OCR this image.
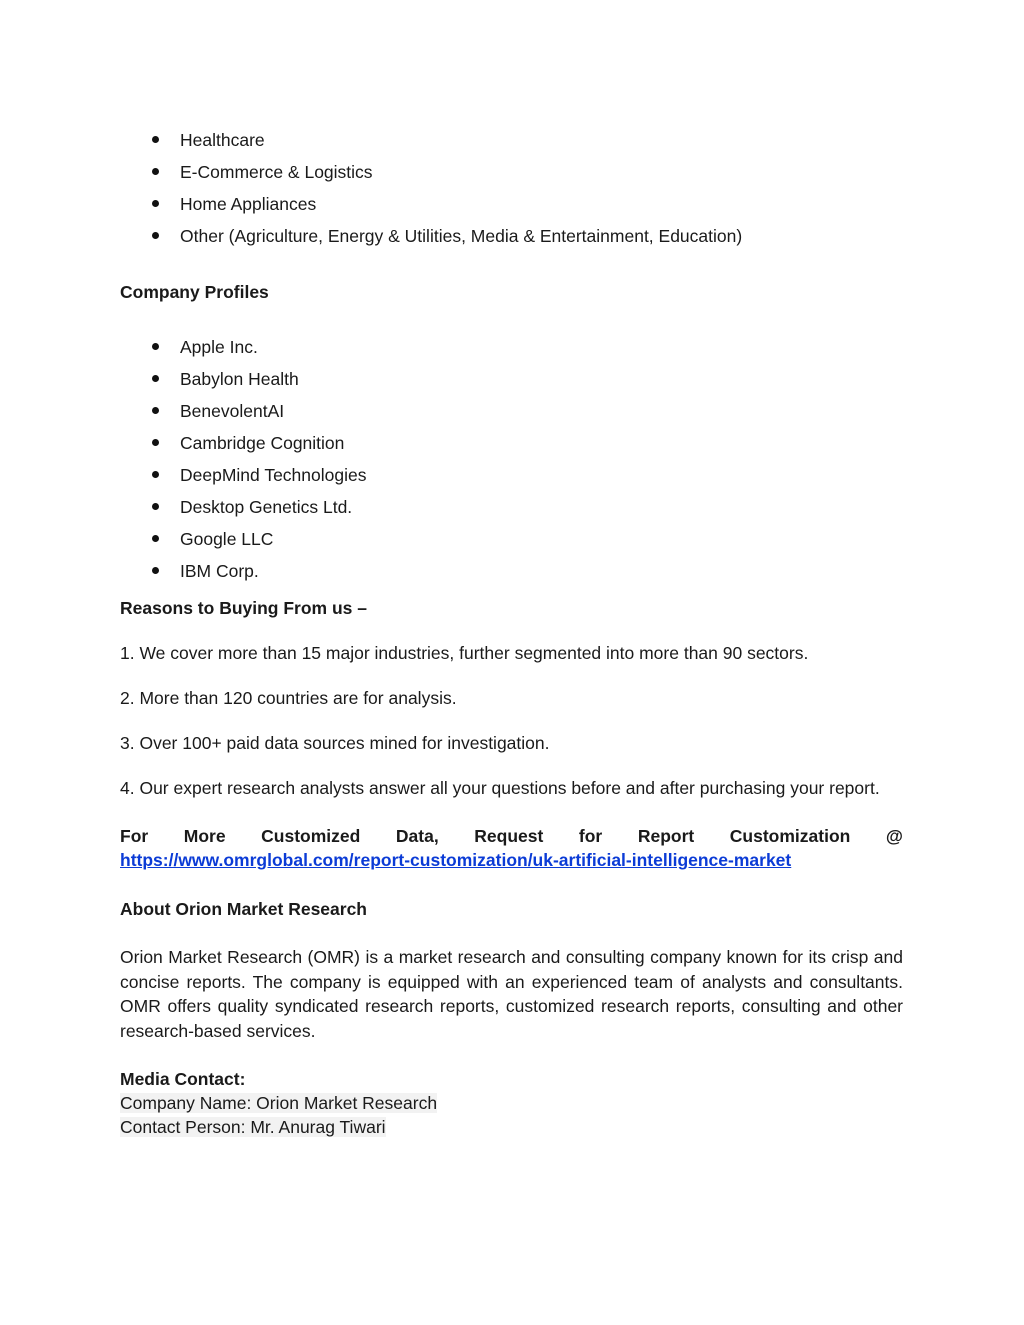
Healthcare
E-Commerce & Logistics
Home Appliances
Other (Agriculture, Energy & Utilities, Media & Entertainment, Education)

Company Profiles

Apple Inc.
Babylon Health
BenevolentAI
Cambridge Cognition
DeepMind Technologies
Desktop Genetics Ltd.
Google LLC
IBM Corp.

Reasons to Buying From us –

1. We cover more than 15 major industries, further segmented into more than 90 sectors.

2. More than 120 countries are for analysis.

3. Over 100+ paid data sources mined for investigation.

4. Our expert research analysts answer all your questions before and after purchasing your report.

For More Customized Data, Request for Report Customization @

https://www.omrglobal.com/report-customization/uk-artificial-intelligence-market

About Orion Market Research

Orion Market Research (OMR) is a market research and consulting company known for its crisp and concise reports. The company is equipped with an experienced team of analysts and consultants. OMR offers quality syndicated research reports, customized research reports, consulting and other research-based services.

Media Contact:

Company Name: Orion Market Research

Contact Person: Mr. Anurag Tiwari
